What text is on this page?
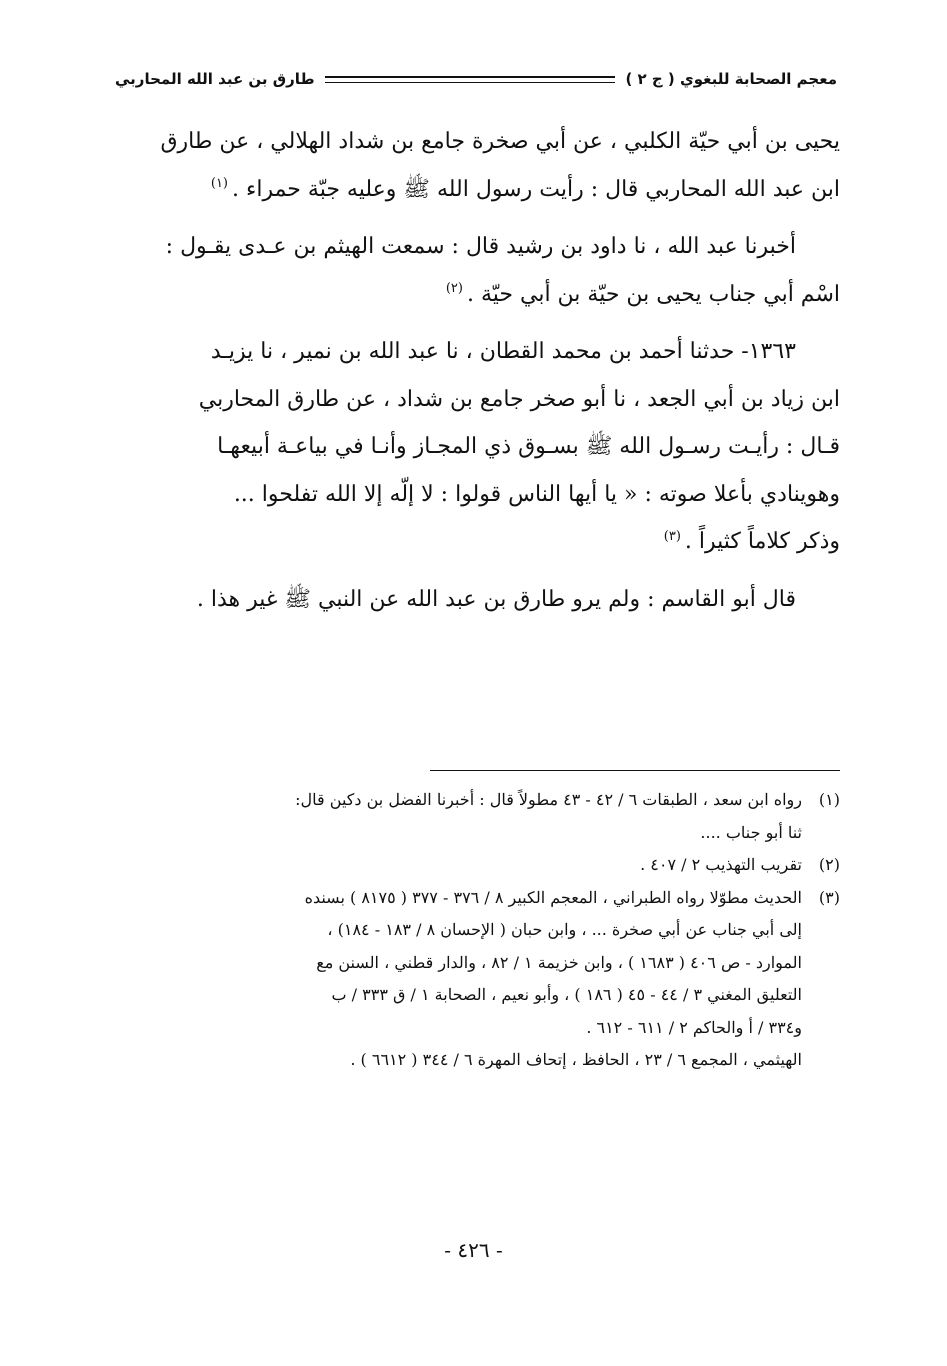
معجم الصحابة للبغوي ( ج ٢ )
طارق بن عبد الله المحاربي

يحيى بن أبي حيّة الكلبي ، عن أبي صخرة جامع بن شداد الهلالي ، عن طارق
ابن عبد الله المحاربي قال : رأيت رسول الله ﷺ وعليه جبّة حمراء .$^{(١)}$

أخبرنا عبد الله ، نا داود بن رشيد قال : سمعت الهيثم بن عـدى يقـول :
اسْم أبي جناب يحيى بن حيّة بن أبي حيّة .$^{(٢)}$

١٣٦٣- حدثنا أحمد بن محمد القطان ، نا عبد الله بن نمير ، نا يزيـد
ابن زياد بن أبي الجعد ، نا أبو صخر جامع بن شداد ، عن طارق المحاربي
قـال : رأيـت رسـول الله ﷺ بسـوق ذي المجـاز وأنـا في بياعـة أبيعهـا
وهوينادي بأعلا صوته : « يا أيها الناس قولوا : لا إلّه إلا الله تفلحوا ...
وذكر كلاماً كثيراً .$^{(٣)}$

قال أبو القاسم : ولم يرو طارق بن عبد الله عن النبي ﷺ غير هذا .

(١)
رواه ابن سعد ، الطبقات ٦ / ٤٢ - ٤٣ مطولاً قال : أخبرنا الفضل بن دكين قال:
ثنا أبو جناب ....
(٢)
تقريب التهذيب ٢ / ٤٠٧ .
(٣)
الحديث مطوّلا رواه الطبراني ، المعجم الكبير ٨ / ٣٧٦ - ٣٧٧ ( ٨١٧٥ ) بسنده
إلى أبي جناب عن أبي صخرة ... ، وابن حبان ( الإحسان ٨ / ١٨٣ - ١٨٤) ،
الموارد - ص ٤٠٦ ( ١٦٨٣ ) ، وابن خزيمة ١ / ٨٢ ، والدار قطني ، السنن مع
التعليق المغني ٣ / ٤٤ - ٤٥ ( ١٨٦ ) ، وأبو نعيم ، الصحابة ١ / ق ٣٣٣ / ب
و٣٣٤ / أ والحاكم ٢ / ٦١١ - ٦١٢ .
الهيثمي ، المجمع ٦ / ٢٣ ، الحافظ ، إتحاف المهرة ٦ / ٣٤٤ ( ٦٦١٢ ) .
- ٤٢٦ -
